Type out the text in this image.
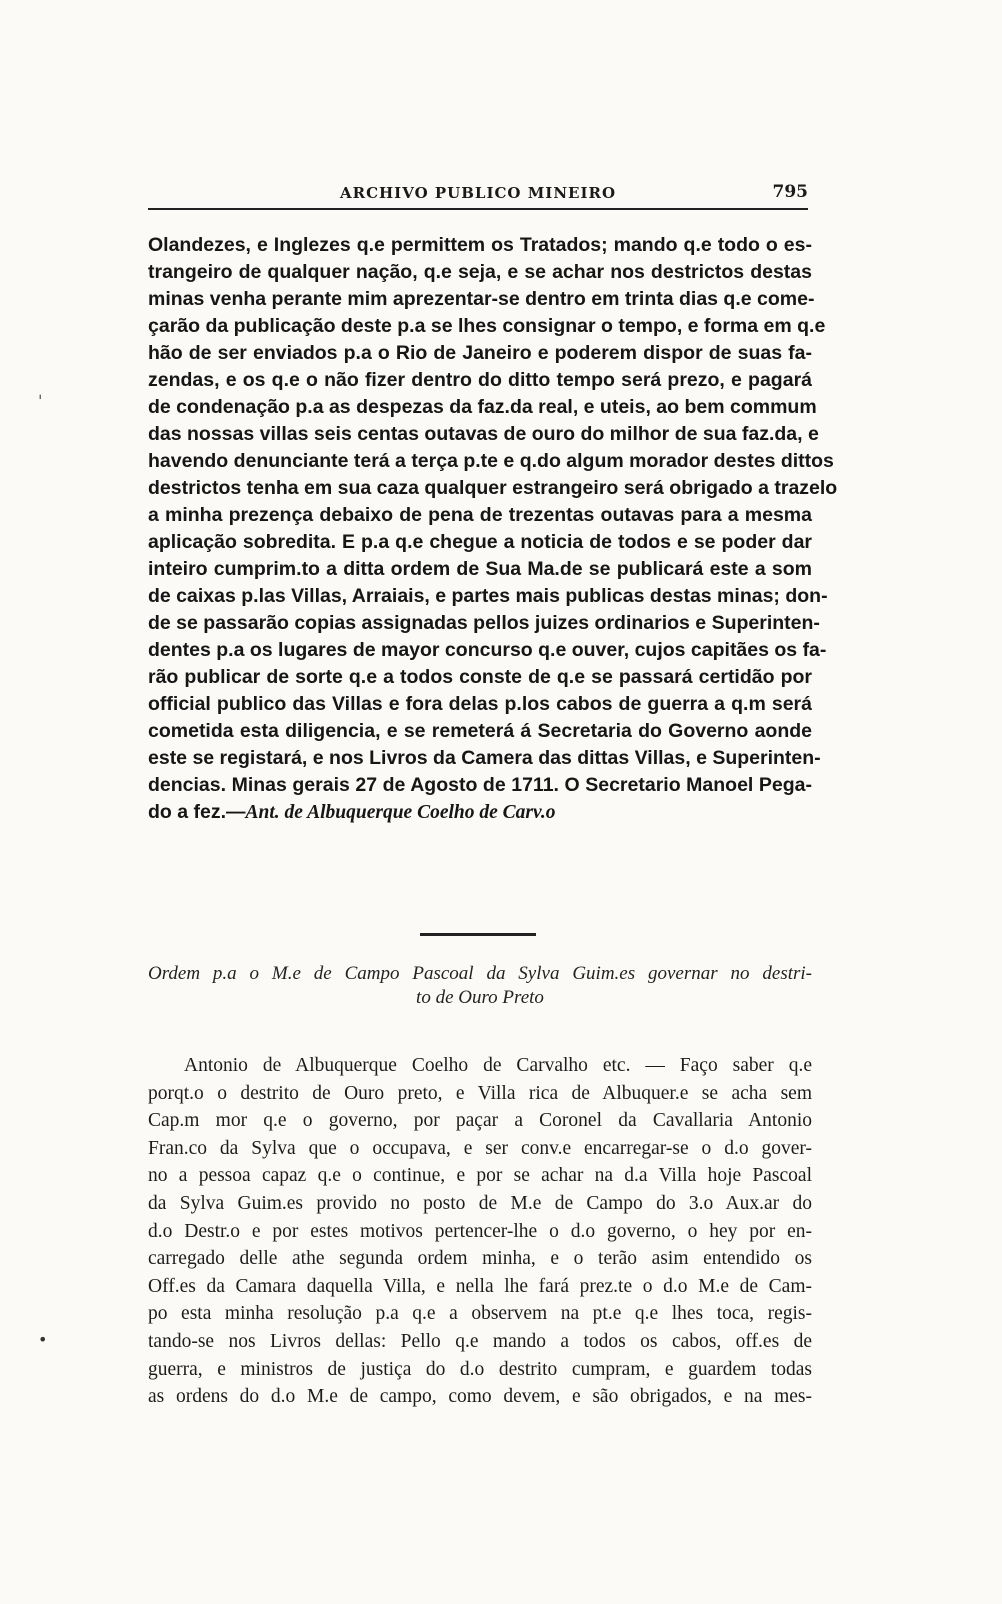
ARCHIVO PUBLICO MINEIRO	795
Olandezes, e Inglezes q.e permittem os Tratados; mando q.e todo o es-
trangeiro de qualquer nação, q.e seja, e se achar nos destrictos destas
minas venha perante mim aprezentar-se dentro em trinta dias q.e come-
çarão da publicação deste p.a se lhes consignar o tempo, e forma em q.e
hão de ser enviados p.a o Rio de Janeiro e poderem dispor de suas fa-
zendas, e os q.e o não fizer dentro do ditto tempo será prezo, e pagará
de condenação p.a as despezas da faz.da real, e uteis, ao bem commum
das nossas villas seis centas outavas de ouro do milhor de sua faz.da, e
havendo denunciante terá a terça p.te e q.do algum morador destes dittos
destrictos tenha em sua caza qualquer estrangeiro será obrigado a trazelo
a minha prezença debaixo de pena de trezentas outavas para a mesma
aplicação sobredita. E p.a q.e chegue a noticia de todos e se poder dar
inteiro cumprim.to a ditta ordem de Sua Ma.de se publicará este a som
de caixas p.las Villas, Arraiais, e partes mais publicas destas minas; don-
de se passarão copias assignadas pellos juizes ordinarios e Superinten-
dentes p.a os lugares de mayor concurso q.e ouver, cujos capitães os fa-
rão publicar de sorte q.e a todos conste de q.e se passará certidão por
official publico das Villas e fora delas p.los cabos de guerra a q.m será
cometida esta diligencia, e se remeterá á Secretaria do Governo aonde
este se registará, e nos Livros da Camera das dittas Villas, e Superinten-
dencias. Minas gerais 27 de Agosto de 1711. O Secretario Manoel Pega-
do a fez.—Ant. de Albuquerque Coelho de Carv.o
Ordem p.a o M.e de Campo Pascoal da Sylva Guim.es governar no destri-
to de Ouro Preto
Antonio de Albuquerque Coelho de Carvalho etc. — Faço saber q.e
porqt.o o destrito de Ouro preto, e Villa rica de Albuquer.e se acha sem
Cap.m mor q.e o governo, por paçar a Coronel da Cavallaria Antonio
Fran.co da Sylva que o occupava, e ser conv.e encarregar-se o d.o gover-
no a pessoa capaz q.e o continue, e por se achar na d.a Villa hoje Pascoal
da Sylva Guim.es provido no posto de M.e de Campo do 3.o Aux.ar do
d.o Destr.o e por estes motivos pertencer-lhe o d.o governo, o hey por en-
carregado delle athe segunda ordem minha, e o terão asim entendido os
Off.es da Camara daquella Villa, e nella lhe fará prez.te o d.o M.e de Cam-
po esta minha resolução p.a q.e a observem na pt.e q.e lhes toca, regis-
tando-se nos Livros dellas: Pello q.e mando a todos os cabos, off.es de
guerra, e ministros de justiça do d.o destrito cumpram, e guardem todas
as ordens do d.o M.e de campo, como devem, e são obrigados, e na mes-
ˈ
•
